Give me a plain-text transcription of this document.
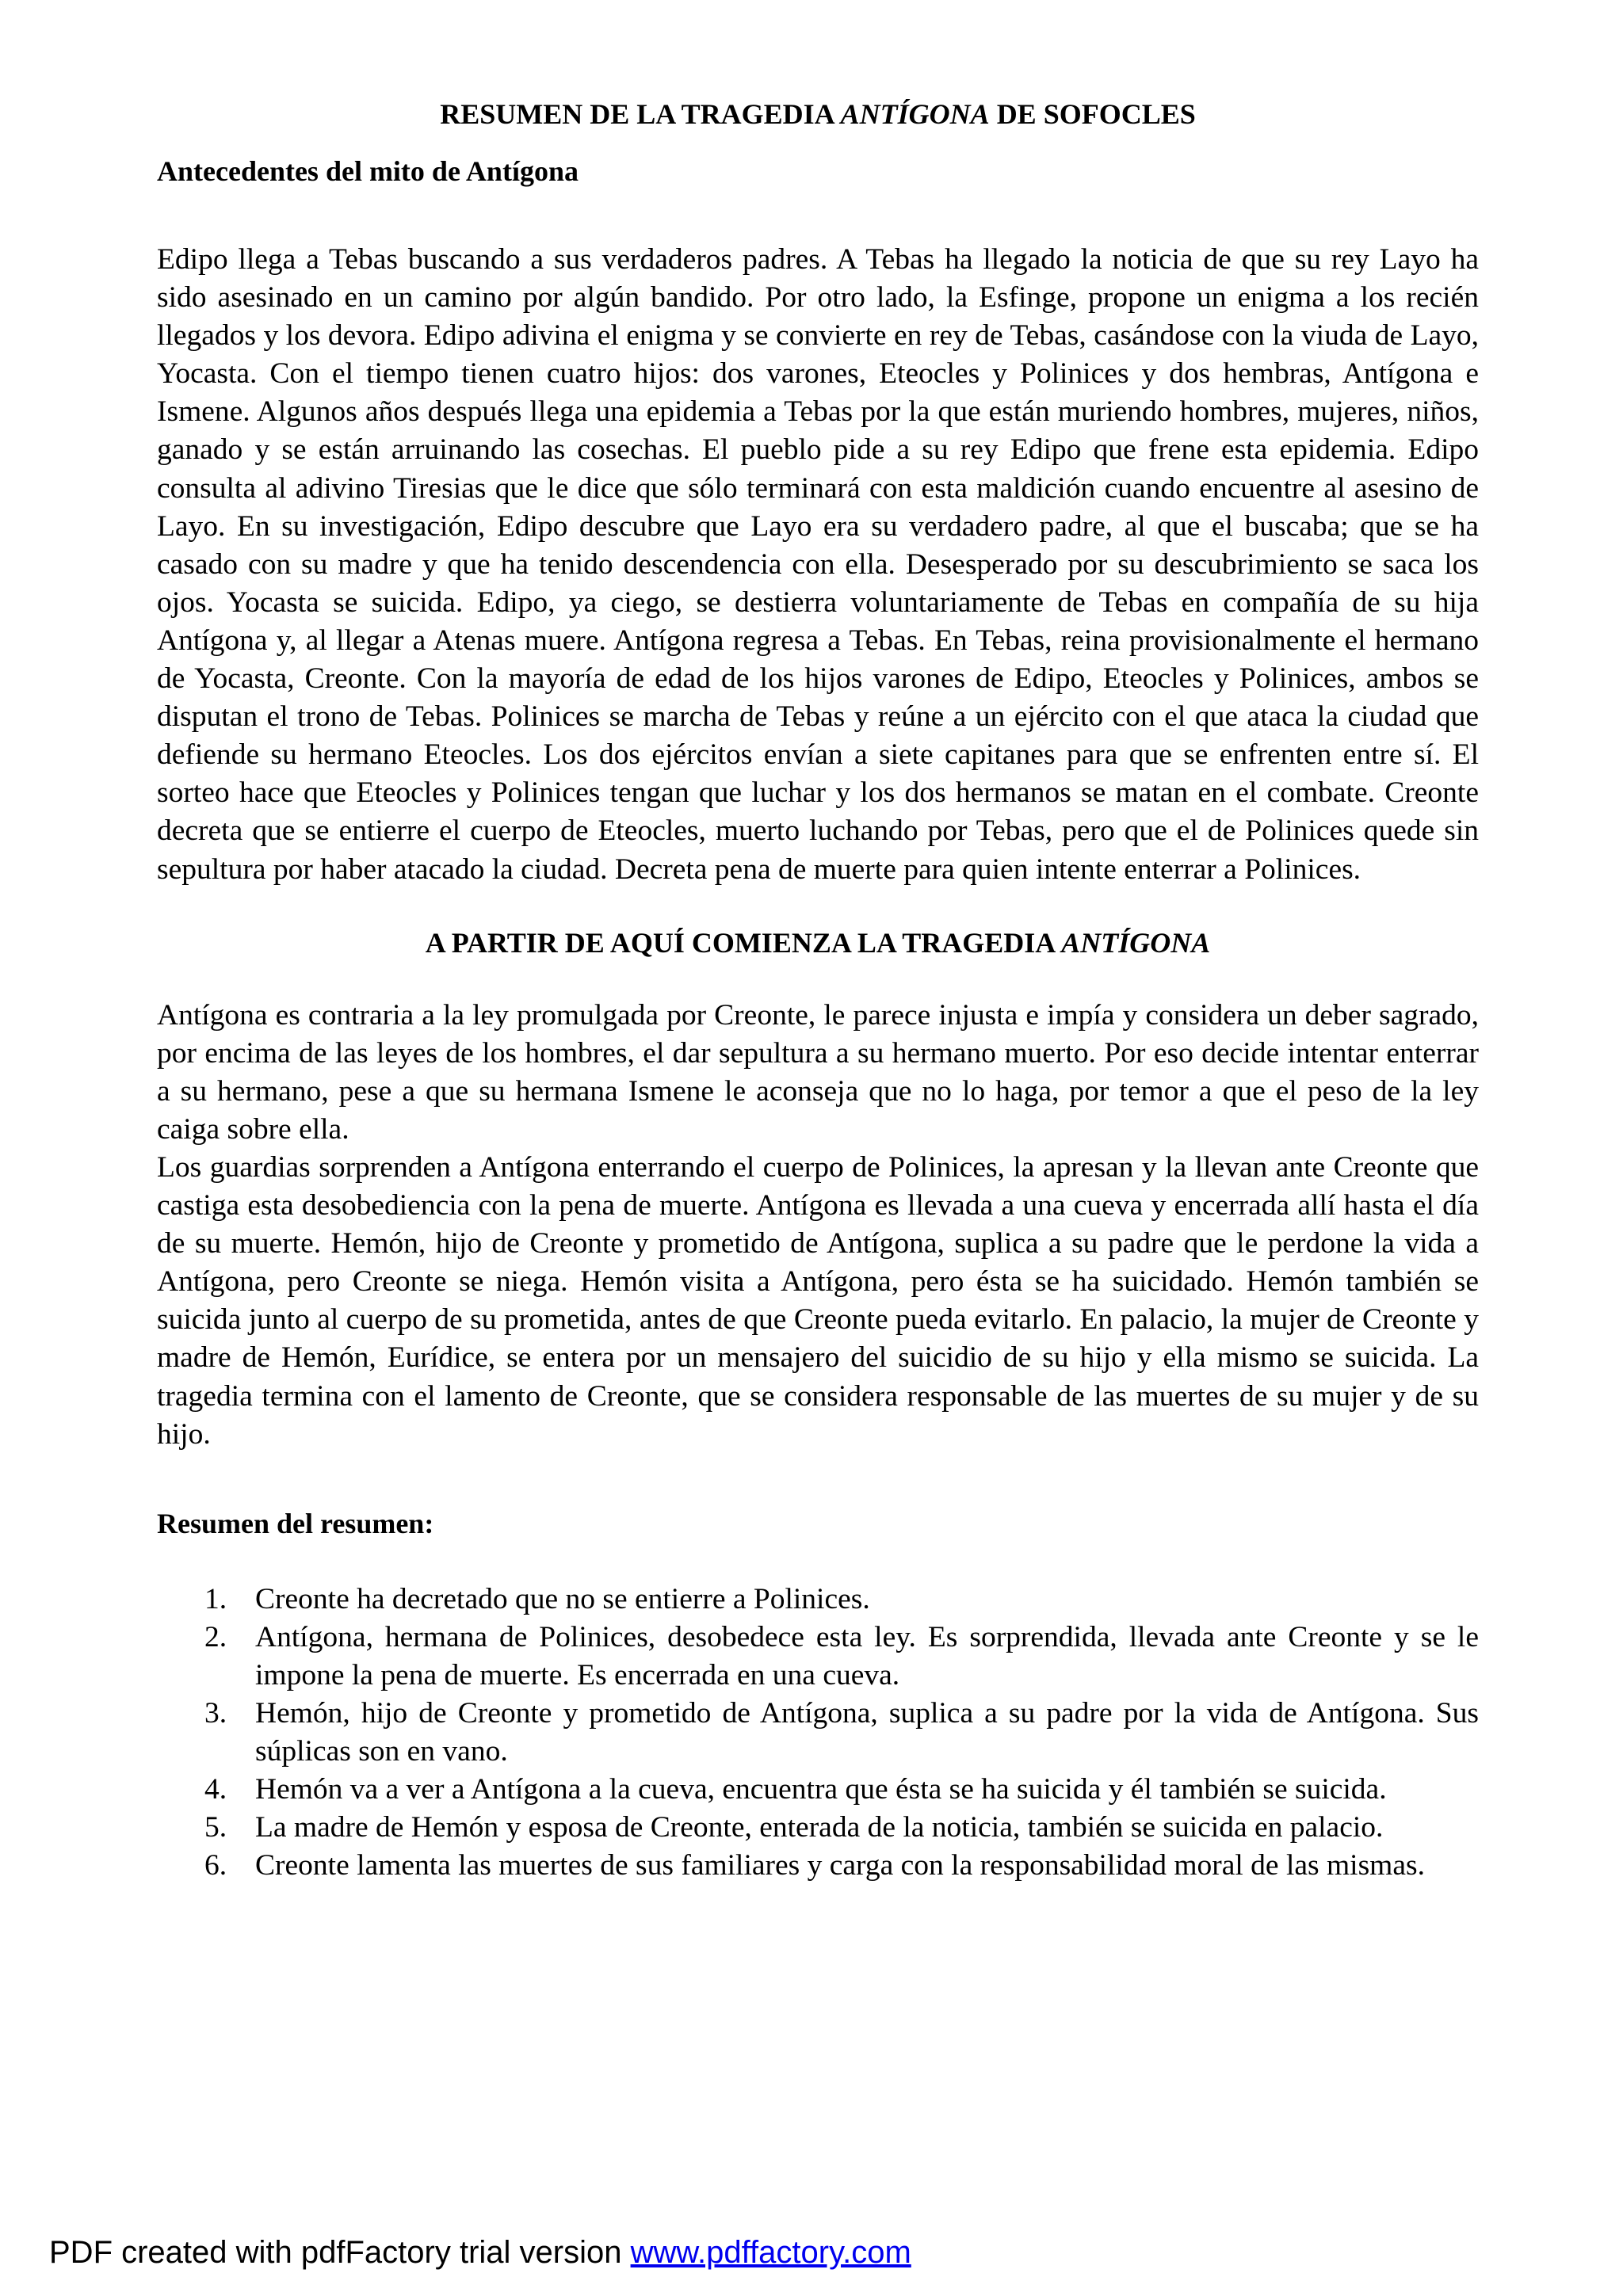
RESUMEN DE LA TRAGEDIA ANTÍGONA DE SOFOCLES
Antecedentes del mito de Antígona

Edipo llega a Tebas buscando a sus verdaderos padres. A Tebas ha llegado la noticia de que su rey Layo ha sido asesinado en un camino por algún bandido. Por otro lado, la Esfinge, propone un enigma a los recién llegados y los devora. Edipo adivina el enigma y se convierte en rey de Tebas, casándose con la viuda de Layo, Yocasta. Con el tiempo tienen cuatro hijos: dos varones, Eteocles y Polinices y dos hembras, Antígona e Ismene. Algunos años después llega una epidemia a Tebas por la que están muriendo hombres, mujeres, niños, ganado y se están arruinando las cosechas. El pueblo pide a su rey Edipo que frene esta epidemia. Edipo consulta al adivino Tiresias que le dice que sólo terminará con esta maldición cuando encuentre al asesino de Layo. En su investigación, Edipo descubre que Layo era su verdadero padre, al que el buscaba; que se ha casado con su madre y que ha tenido descendencia con ella. Desesperado por su descubrimiento se saca los ojos. Yocasta se suicida. Edipo, ya ciego, se destierra voluntariamente de Tebas en compañía de su hija Antígona y, al llegar a Atenas muere. Antígona regresa a Tebas. En Tebas, reina provisionalmente el hermano de Yocasta, Creonte. Con la mayoría de edad de los hijos varones de Edipo, Eteocles y Polinices, ambos se disputan el trono de Tebas. Polinices se marcha de Tebas y reúne a un ejército con el que ataca la ciudad que defiende su hermano Eteocles. Los dos ejércitos envían a siete capitanes para que se enfrenten entre sí. El sorteo hace que Eteocles y Polinices tengan que luchar y los dos hermanos se matan en el combate. Creonte decreta que se entierre el cuerpo de Eteocles, muerto luchando por Tebas, pero que el de Polinices quede sin sepultura por haber atacado la ciudad. Decreta pena de muerte para quien intente enterrar a Polinices.

A PARTIR DE AQUÍ COMIENZA LA TRAGEDIA ANTÍGONA

Antígona es contraria a la ley promulgada por Creonte, le parece injusta e impía y considera un deber sagrado, por encima de las leyes de los hombres, el dar sepultura a su hermano muerto. Por eso decide intentar enterrar a su hermano, pese a que su hermana Ismene le aconseja que no lo haga, por temor a que el peso de la ley caiga sobre ella.

Los guardias sorprenden a Antígona enterrando el cuerpo de Polinices, la apresan y la llevan ante Creonte que castiga esta desobediencia con la pena de muerte. Antígona es llevada a una cueva y encerrada allí hasta el día de su muerte. Hemón, hijo de Creonte y prometido de Antígona, suplica a su padre que le perdone la vida a Antígona, pero Creonte se niega. Hemón visita a Antígona, pero ésta se ha suicidado. Hemón también se suicida junto al cuerpo de su prometida, antes de que Creonte pueda evitarlo. En palacio, la mujer de Creonte y madre de Hemón, Eurídice, se entera por un mensajero del suicidio de su hijo y ella mismo se suicida. La tragedia termina con el lamento de Creonte, que se considera responsable de las muertes de su mujer y de su hijo.

Resumen del resumen:
1. Creonte ha decretado que no se entierre a Polinices.
2. Antígona, hermana de Polinices, desobedece esta ley. Es sorprendida, llevada ante Creonte y se le impone la pena de muerte. Es encerrada en una cueva.
3. Hemón, hijo de Creonte y prometido de Antígona, suplica a su padre por la vida de Antígona. Sus súplicas son en vano.
4. Hemón va a ver a Antígona a la cueva, encuentra que ésta se ha suicida y él también se suicida.
5. La madre de Hemón y esposa de Creonte, enterada de la noticia, también se suicida en palacio.
6. Creonte lamenta las muertes de sus familiares y carga con la responsabilidad moral de las mismas.
PDF created with pdfFactory trial version www.pdffactory.com
